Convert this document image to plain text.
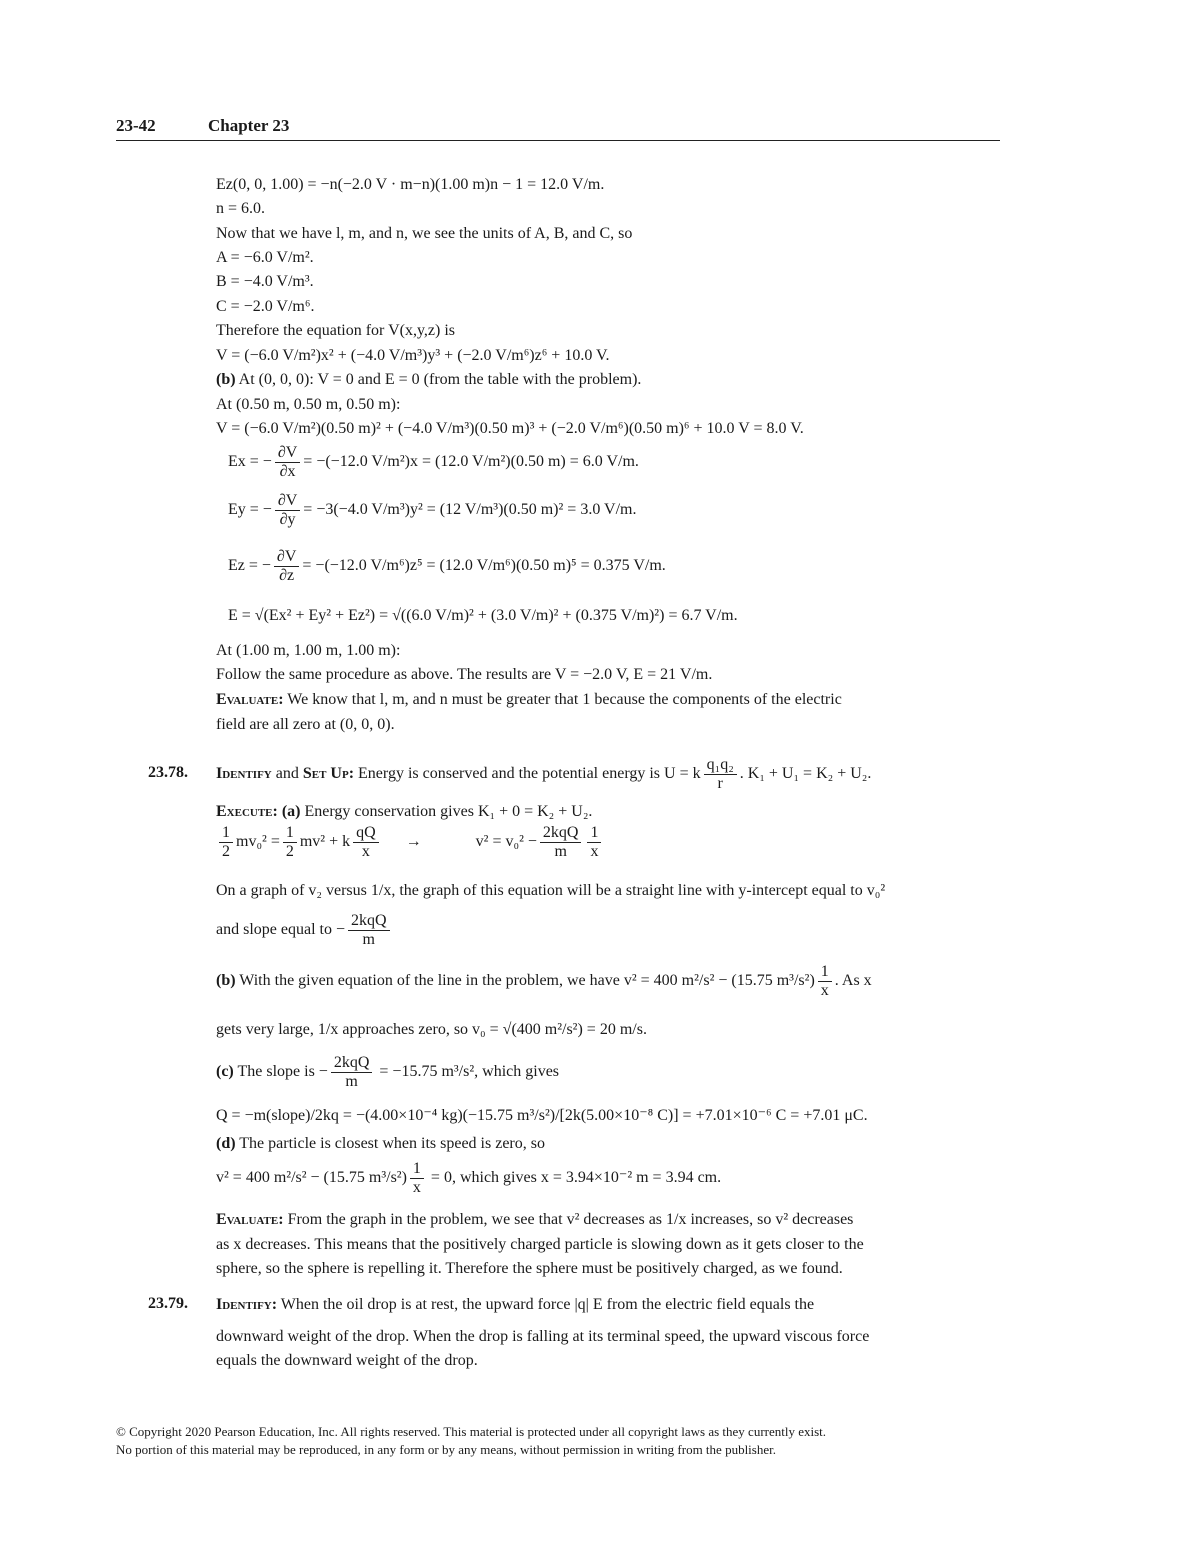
23-42	Chapter 23
Ez(0, 0, 1.00) = −n(−2.0 V · m−n)(1.00 m)n − 1 = 12.0 V/m.
n = 6.0.
Now that we have l, m, and n, we see the units of A, B, and C, so
A = −6.0 V/m².
B = −4.0 V/m³.
C = −2.0 V/m⁶.
Therefore the equation for V(x,y,z) is
V = (−6.0 V/m²)x² + (−4.0 V/m³)y³ + (−2.0 V/m⁶)z⁶ + 10.0 V.
(b) At (0, 0, 0): V = 0 and E = 0 (from the table with the problem).
At (0.50 m, 0.50 m, 0.50 m):
V = (−6.0 V/m²)(0.50 m)² + (−4.0 V/m³)(0.50 m)³ + (−2.0 V/m⁶)(0.50 m)⁶ + 10.0 V = 8.0 V.
Ex = − $\frac{\partial V}{\partial x} = -(-12.0$ V/m²)x = (12.0 V/m²)(0.50 m) = 6.0 V/m.
Ey = − $\frac{\partial V}{\partial y} = -3(-4.0$ V/m³)y² = (12 V/m³)(0.50 m)² = 3.0 V/m.
Ez = − $\frac{\partial V}{\partial z} = -(-12.0$ V/m⁶)z⁵ = (12.0 V/m⁶)(0.50 m)⁵ = 0.375 V/m.
E = √(Ex² + Ey² + Ez²) = √((6.0 V/m)² + (3.0 V/m)² + (0.375 V/m)²) = 6.7 V/m.
At (1.00 m, 1.00 m, 1.00 m):
Follow the same procedure as above. The results are V = −2.0 V, E = 21 V/m.
Evaluate: We know that l, m, and n must be greater that 1 because the components of the electric
field are all zero at (0, 0, 0).
23.78. Identify and Set Up: Energy is conserved and the potential energy is U = k $\frac{\text{q₁q₂}}{r}$ . K₁ + U₁ = K₂ + U₂.
Execute: (a) Energy conservation gives K₁ + 0 = K₂ + U₂.
$\frac{1}{2} mv_0^2 = \frac{1}{2} mv^2 + k \frac{qQ}{x}$ →	$v^2 = v_0^2 - \frac{\text{2kqQ}}{m} \frac{1}{x}$
On a graph of v₂ versus 1/x, the graph of this equation will be a straight line with y-intercept equal to v₀²
and slope equal to − $\frac{\text{2kqQ}}{m}$
(b) With the given equation of the line in the problem, we have v² = 400 m²/s² − (15.75 $m^3/s^2) \frac{1}{x}$ . As x
gets very large, 1/x approaches zero, so v₀ = √(400 m²/s²) = 20 m/s.
(c) The slope is − $\frac{\text{2kqQ}}{m} = -15.75$ m³/s², which gives
Q = −m(slope)/2kq = −(4.00×10⁻⁴ kg)(−15.75 m³/s²)/[2k(5.00×10⁻⁸ C)] = +7.01×10⁻⁶ C = +7.01 μC.
(d) The particle is closest when its speed is zero, so
v² = 400 m²/s² − (15.75 $m^3/s^2) \frac{1}{x} = 0$, which gives x = 3.94×10⁻² m = 3.94 cm.
Evaluate: From the graph in the problem, we see that v² decreases as 1/x increases, so v² decreases
as x decreases. This means that the positively charged particle is slowing down as it gets closer to the
sphere, so the sphere is repelling it. Therefore the sphere must be positively charged, as we found.
23.79. Identify: When the oil drop is at rest, the upward force |q| E from the electric field equals the
downward weight of the drop. When the drop is falling at its terminal speed, the upward viscous force
equals the downward weight of the drop.
© Copyright 2020 Pearson Education, Inc. All rights reserved. This material is protected under all copyright laws as they currently exist.
No portion of this material may be reproduced, in any form or by any means, without permission in writing from the publisher.
